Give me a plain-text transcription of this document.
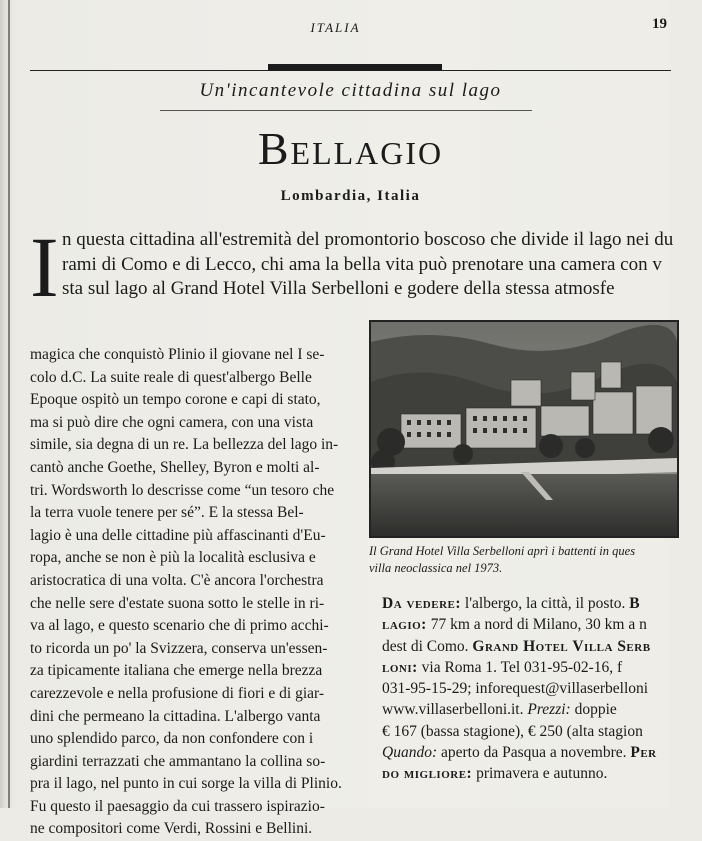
ITALIA	19
Un'incantevole cittadina sul lago
Bellagio
Lombardia, Italia
I n questa cittadina all'estremità del promontorio boscoso che divide il lago nei du
rami di Como e di Lecco, chi ama la bella vita può prenotare una camera con v
sta sul lago al Grand Hotel Villa Serbelloni e godere della stessa atmosfe
magica che conquistò Plinio il giovane nel I se-
colo d.C. La suite reale di quest'albergo Belle
Epoque ospitò un tempo corone e capi di stato,
ma si può dire che ogni camera, con una vista
simile, sia degna di un re. La bellezza del lago in-
cantò anche Goethe, Shelley, Byron e molti al-
tri. Wordsworth lo descrisse come “un tesoro che
la terra vuole tenere per sé”. E la stessa Bel-
lagio è una delle cittadine più affascinanti d'Eu-
ropa, anche se non è più la località esclusiva e
aristocratica di una volta. C'è ancora l'orchestra
che nelle sere d'estate suona sotto le stelle in ri-
va al lago, e questo scenario che di primo acchi-
to ricorda un po' la Svizzera, conserva un'essen-
za tipicamente italiana che emerge nella brezza
carezzevole e nella profusione di fiori e di giar-
dini che permeano la cittadina. L'albergo vanta
uno splendido parco, da non confondere con i
giardini terrazzati che ammantano la collina so-
pra il lago, nel punto in cui sorge la villa di Plinio.
Fu questo il paesaggio da cui trassero ispirazio-
ne compositori come Verdi, Rossini e Bellini.
Il Grand Hotel Villa Serbelloni aprì i battenti in ques
villa neoclassica nel 1973.
Da vedere: l'albergo, la città, il posto. B
lagio: 77 km a nord di Milano, 30 km a n
dest di Como. Grand Hotel Villa Serb
loni: via Roma 1. Tel 031-95-02-16, f
031-95-15-29; inforequest@villaserbelloni
www.villaserbelloni.it. Prezzi: doppie
€ 167 (bassa stagione), € 250 (alta stagion
Quando: aperto da Pasqua a novembre. Per
do migliore: primavera e autunno.
